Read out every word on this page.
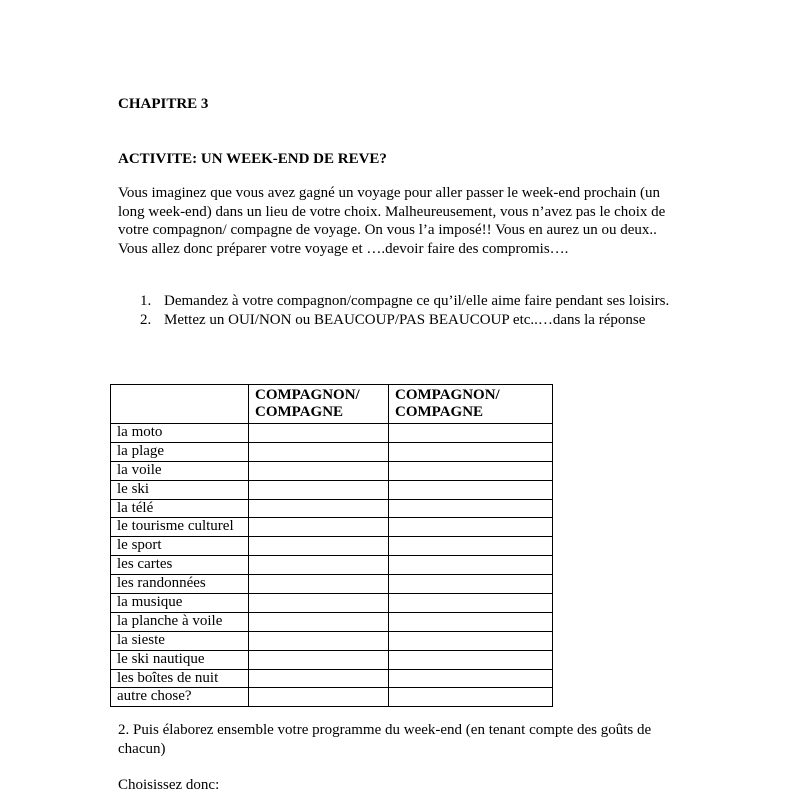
CHAPITRE 3
ACTIVITE: UN WEEK-END DE REVE?

Vous imaginez que vous avez gagné un voyage pour aller passer le week-end prochain (un long week-end) dans un lieu de votre choix. Malheureusement, vous n’avez pas le choix de votre compagnon/ compagne de voyage. On vous l’a imposé!! Vous en aurez un ou deux..

Vous allez donc préparer votre voyage et ….devoir faire des compromis….

1. Demandez à votre compagnon/compagne ce qu’il/elle aime faire pendant ses loisirs.
2. Mettez un OUI/NON ou BEAUCOUP/PAS BEAUCOUP etc..…dans la réponse
	COMPAGNON/ COMPAGNE	COMPAGNON/ COMPAGNE
la moto		
la plage		
la voile		
le ski		
la télé		
le tourisme culturel		
le sport		
les cartes		
les randonnées		
la musique		
la planche à voile		
la sieste		
le ski nautique		
les boîtes de nuit		
autre chose?		
2. Puis élaborez ensemble votre programme du week-end (en tenant compte des goûts de chacun)
Choisissez donc:
